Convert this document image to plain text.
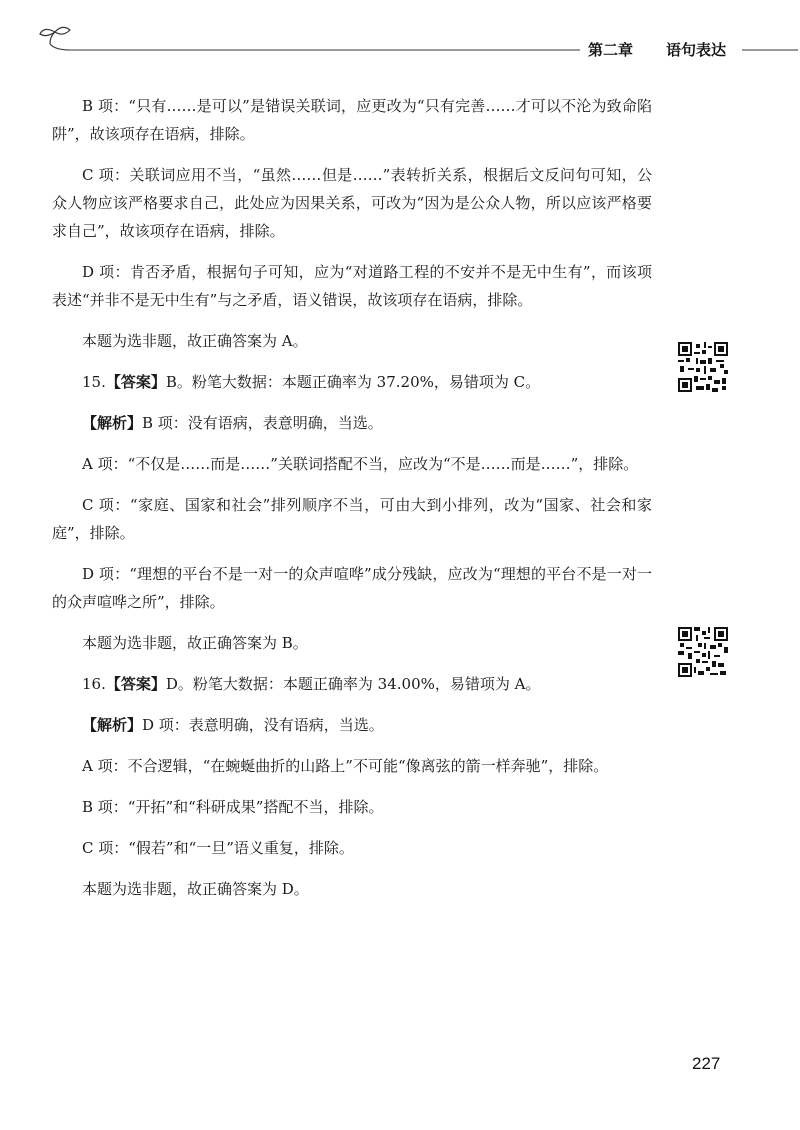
第二章 语句表达

B 项：“只有……是可以”是错误关联词，应更改为“只有完善……才可以不沦为致命陷阱”，故该项存在语病，排除。

C 项：关联词应用不当，“虽然……但是……”表转折关系，根据后文反问句可知，公众人物应该严格要求自己，此处应为因果关系，可改为“因为是公众人物，所以应该严格要求自己”，故该项存在语病，排除。

D 项：肯否矛盾，根据句子可知，应为“对道路工程的不安并不是无中生有”，而该项表述“并非不是无中生有”与之矛盾，语义错误，故该项存在语病，排除。

本题为选非题，故正确答案为 A。

15.【答案】B。粉笔大数据：本题正确率为 37.20%，易错项为 C。

【解析】B 项：没有语病，表意明确，当选。

A 项：“不仅是……而是……”关联词搭配不当，应改为“不是……而是……”，排除。

C 项：“家庭、国家和社会”排列顺序不当，可由大到小排列，改为“国家、社会和家庭”，排除。

D 项：“理想的平台不是一对一的众声喧哗”成分残缺，应改为“理想的平台不是一对一的众声喧哗之所”，排除。

本题为选非题，故正确答案为 B。

16.【答案】D。粉笔大数据：本题正确率为 34.00%，易错项为 A。

【解析】D 项：表意明确，没有语病，当选。

A 项：不合逻辑，“在蜿蜒曲折的山路上”不可能“像离弦的箭一样奔驰”，排除。

B 项：“开拓”和“科研成果”搭配不当，排除。

C 项：“假若”和“一旦”语义重复，排除。

本题为选非题，故正确答案为 D。

227
